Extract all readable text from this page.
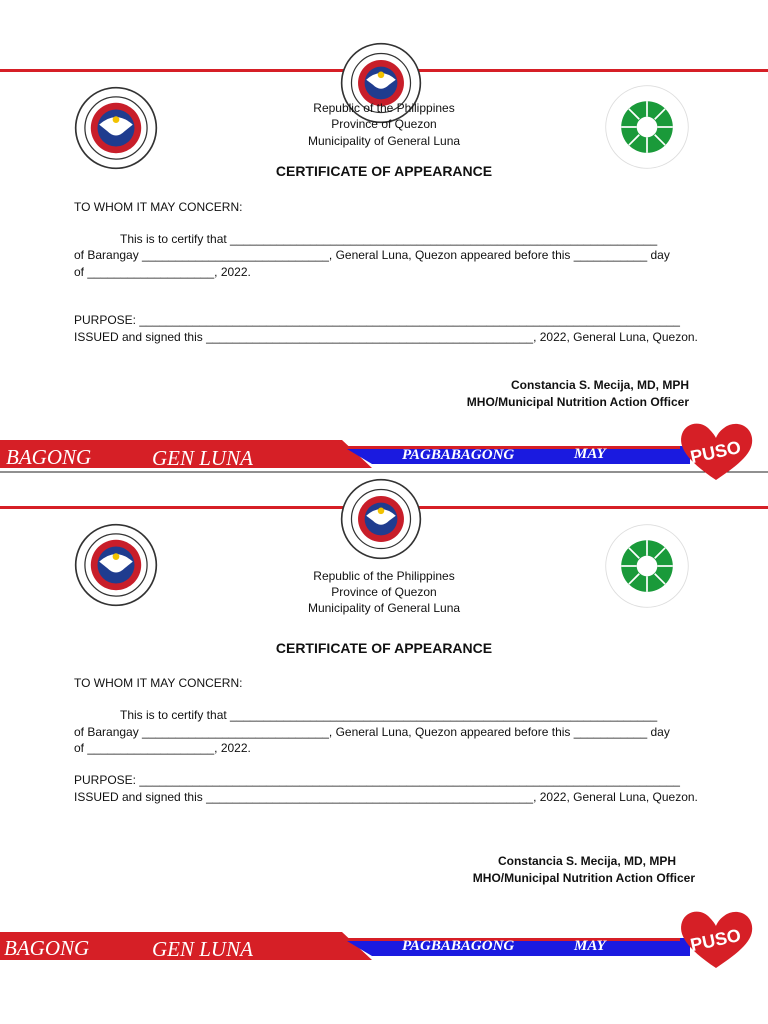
Republic of the Philippines
Province of Quezon
Municipality of General Luna
CERTIFICATE OF APPEARANCE
TO WHOM IT MAY CONCERN:
This is to certify that ________________________________________________________________
of Barangay ____________________________, General Luna, Quezon appeared before this ___________ day
of ___________________, 2022.
PURPOSE: _________________________________________________________________________________
ISSUED and signed this _________________________________________________, 2022, General Luna, Quezon.
Constancia S. Mecija, MD, MPH
MHO/Municipal Nutrition Action Officer
BAGONG	GEN LUNA	PAGBABAGONG	MAY	PUSO
Republic of the Philippines
Province of Quezon
Municipality of General Luna
CERTIFICATE OF APPEARANCE
TO WHOM IT MAY CONCERN:
This is to certify that ________________________________________________________________
of Barangay ____________________________, General Luna, Quezon appeared before this ___________ day
of ___________________, 2022.
PURPOSE: _________________________________________________________________________________
ISSUED and signed this _________________________________________________, 2022, General Luna, Quezon.
Constancia S. Mecija, MD, MPH
MHO/Municipal Nutrition Action Officer
BAGONG	GEN LUNA	PAGBABAGONG	MAY	PUSO
